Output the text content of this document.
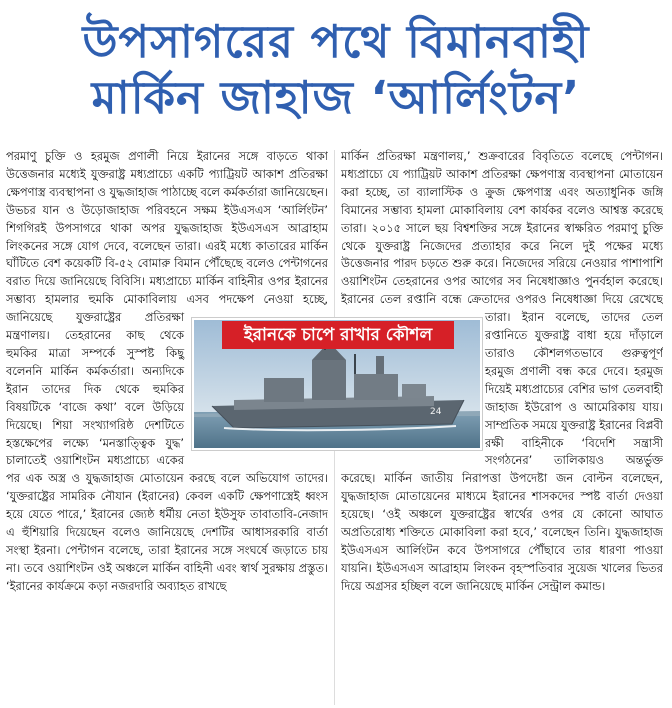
উপসাগরের পথে বিমানবাহী
মার্কিন জাহাজ ‘আর্লিংটন’

পরমাণু চুক্তি ও হরমুজ প্রণালী নিয়ে ইরানের সঙ্গে বাড়তে থাকা উত্তেজনার মধ্যেই যুক্তরাষ্ট্র মধ্যপ্রাচ্যে একটি প্যাট্রিয়ট আকাশ প্রতিরক্ষা ক্ষেপণাস্ত্র ব্যবস্থাপনা ও যুদ্ধজাহাজ পাঠাচ্ছে বলে কর্মকর্তারা জানিয়েছেন। উভচর যান ও উড়োজাহাজ পরিবহনে সক্ষম ইউএসএস ‘আর্লিংটন’ শিগগিরই উপসাগরে থাকা অপর যুদ্ধজাহাজ ইউএসএস আব্রাহাম লিংকনের সঙ্গে যোগ দেবে, বলেছেন তারা। এরই মধ্যে কাতারের মার্কিন ঘাঁটিতে বেশ কয়েকটি বি-৫২ বোমারু বিমান পৌঁছেছে বলেও পেন্টাগনের বরাত দিয়ে জানিয়েছে বিবিসি। মধ্যপ্রাচ্যে মার্কিন বাহিনীর ওপর ইরানের সম্ভাব্য হামলার হুমকি মোকাবিলায় এসব পদক্ষেপ নেওয়া হচ্ছে, জানিয়েছে যুক্তরাষ্ট্রের প্রতিরক্ষা মন্ত্রণালয়। তেহরানের কাছ থেকে হুমকির মাত্রা সম্পর্কে সুস্পষ্ট কিছু বলেননি মার্কিন কর্মকর্তারা। অন্যদিকে ইরান তাদের দিক থেকে হুমকির বিষয়টিকে ‘বাজে কথা’ বলে উড়িয়ে দিয়েছে। শিয়া সংখ্যাগরিষ্ঠ দেশটিতে হস্তক্ষেপের লক্ষ্যে ‘মনস্তাত্ত্বিক যুদ্ধ’ চালাতেই ওয়াশিংটন মধ্যপ্রাচ্যে একের পর এক অস্ত্র ও যুদ্ধজাহাজ মোতায়েন করছে বলে অভিযোগ তাদের। ‘যুক্তরাষ্ট্রের সামরিক নৌযান (ইরানের) কেবল একটি ক্ষেপণাস্ত্রেই ধ্বংস হয়ে যেতে পারে,’ ইরানের জ্যেষ্ঠ ধর্মীয় নেতা ইউসুফ তাবাতাবি-নেজাদ এ হুঁশিয়ারি দিয়েছেন বলেও জানিয়েছে দেশটির আধাসরকারি বার্তা সংস্থা ইরনা। পেন্টাগন বলেছে, তারা ইরানের সঙ্গে সংঘর্ষে জড়াতে চায় না। তবে ওয়াশিংটন ওই অঞ্চলে মার্কিন বাহিনী এবং স্বার্থ সুরক্ষায় প্রস্তুত। ‘ইরানের কার্যক্রমে কড়া নজরদারি অব্যাহত রাখছে

মার্কিন প্রতিরক্ষা মন্ত্রণালয়,’ শুক্রবারের বিবৃতিতে বলেছে পেন্টাগন। মধ্যপ্রাচ্যে যে প্যাট্রিয়ট আকাশ প্রতিরক্ষা ক্ষেপণাস্ত্র ব্যবস্থাপনা মোতায়েন করা হচ্ছে, তা ব্যালাস্টিক ও ক্রুজ ক্ষেপণাস্ত্র এবং অত্যাধুনিক জঙ্গি বিমানের সম্ভাব্য হামলা মোকাবিলায় বেশ কার্যকর বলেও আশ্বস্ত করেছে তারা। ২০১৫ সালে ছয় বিশ্বশক্তির সঙ্গে ইরানের স্বাক্ষরিত পরমাণু চুক্তি থেকে যুক্তরাষ্ট্র নিজেদের প্রত্যাহার করে নিলে দুই পক্ষের মধ্যে উত্তেজনার পারদ চড়তে শুরু করে। নিজেদের সরিয়ে নেওয়ার পাশাপাশি ওয়াশিংটন তেহরানের ওপর আগের সব নিষেধাজ্ঞাও পুনর্বহাল করেছে। ইরানের তেল রপ্তানি বন্ধে ক্রেতাদের ওপরও নিষেধাজ্ঞা দিয়ে রেখেছে তারা। ইরান বলেছে, তাদের তেল রপ্তানিতে যুক্তরাষ্ট্র বাধা হয়ে দাঁড়ালে তারাও কৌশলগতভাবে গুরুত্বপূর্ণ হরমুজ প্রণালী বন্ধ করে দেবে। হরমুজ দিয়েই মধ্যপ্রাচ্যের বেশির ভাগ তেলবাহী জাহাজ ইউরোপ ও আমেরিকায় যায়। সাম্প্রতিক সময়ে যুক্তরাষ্ট্র ইরানের বিপ্লবী রক্ষী বাহিনীকে ‘বিদেশি সন্ত্রাসী সংগঠনের’ তালিকায়ও অন্তর্ভুক্ত করেছে। মার্কিন জাতীয় নিরাপত্তা উপদেষ্টা জন বোল্টন বলেছেন, যুদ্ধজাহাজ মোতায়েনের মাধ্যমে ইরানের শাসকদের স্পষ্ট বার্তা দেওয়া হয়েছে। ‘ওই অঞ্চলে যুক্তরাষ্ট্রের স্বার্থের ওপর যে কোনো আঘাত অপ্রতিরোধ্য শক্তিতে মোকাবিলা করা হবে,’ বলেছেন তিনি। যুদ্ধজাহাজ ইউএসএস আর্লিংটন কবে উপসাগরে পৌঁছাবে তার ধারণা পাওয়া যায়নি। ইউএসএস আব্রাহাম লিংকন বৃহস্পতিবার সুয়েজ খালের ভিতর দিয়ে অগ্রসর হচ্ছিল বলে জানিয়েছে মার্কিন সেন্ট্রাল কমান্ড।

24
ইরানকে চাপে রাখার কৌশল
